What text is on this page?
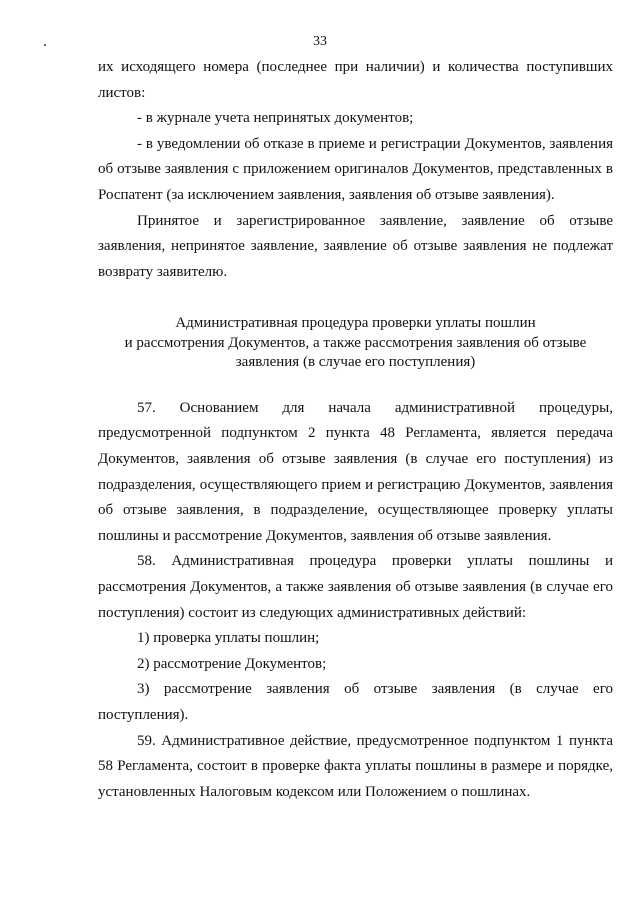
33

их исходящего номера (последнее при наличии) и количества поступивших листов:

- в журнале учета непринятых документов;

- в уведомлении об отказе в приеме и регистрации Документов, заявления об отзыве заявления с приложением оригиналов Документов, представленных в Роспатент (за исключением заявления, заявления об отзыве заявления).

Принятое и зарегистрированное заявление, заявление об отзыве заявления, непринятое заявление, заявление об отзыве заявления не подлежат возврату заявителю.

Административная процедура проверки уплаты пошлин
и рассмотрения Документов, а также рассмотрения заявления об отзыве
заявления (в случае его поступления)

57. Основанием для начала административной процедуры, предусмотренной подпунктом 2 пункта 48 Регламента, является передача Документов, заявления об отзыве заявления (в случае его поступления) из подразделения, осуществляющего прием и регистрацию Документов, заявления об отзыве заявления, в подразделение, осуществляющее проверку уплаты пошлины и рассмотрение Документов, заявления об отзыве заявления.

58. Административная процедура проверки уплаты пошлины и рассмотрения Документов, а также заявления об отзыве заявления (в случае его поступления) состоит из следующих административных действий:

1) проверка уплаты пошлин;

2) рассмотрение Документов;

3) рассмотрение заявления об отзыве заявления (в случае его поступления).

59. Административное действие, предусмотренное подпунктом 1 пункта 58 Регламента, состоит в проверке факта уплаты пошлины в размере и порядке, установленных Налоговым кодексом или Положением о пошлинах.
